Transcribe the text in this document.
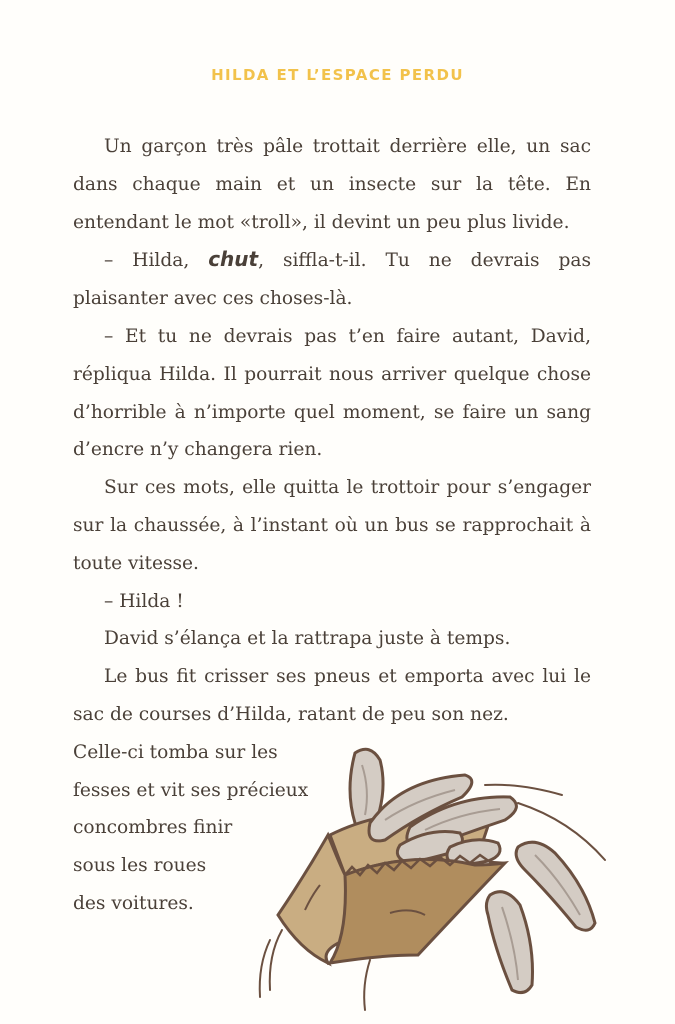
HILDA ET L’ESPACE PERDU

Un garçon très pâle trottait derrière elle, un sac dans chaque main et un insecte sur la tête. En entendant le mot «troll», il devint un peu plus livide.

– Hilda, chut, siffla-t-il. Tu ne devrais pas plaisanter avec ces choses-là.

– Et tu ne devrais pas t’en faire autant, David, répliqua Hilda. Il pourrait nous arriver quelque chose d’horrible à n’importe quel moment, se faire un sang d’encre n’y changera rien.

Sur ces mots, elle quitta le trottoir pour s’engager sur la chaussée, à l’instant où un bus se rapprochait à toute vitesse.

– Hilda !

David s’élança et la rattrapa juste à temps.

Le bus fit crisser ses pneus et emporta avec lui le sac de courses d’Hilda, ratant de peu son nez.

Celle-ci tomba sur les
fesses et vit ses précieux
concombres finir
sous les roues
des voitures.
